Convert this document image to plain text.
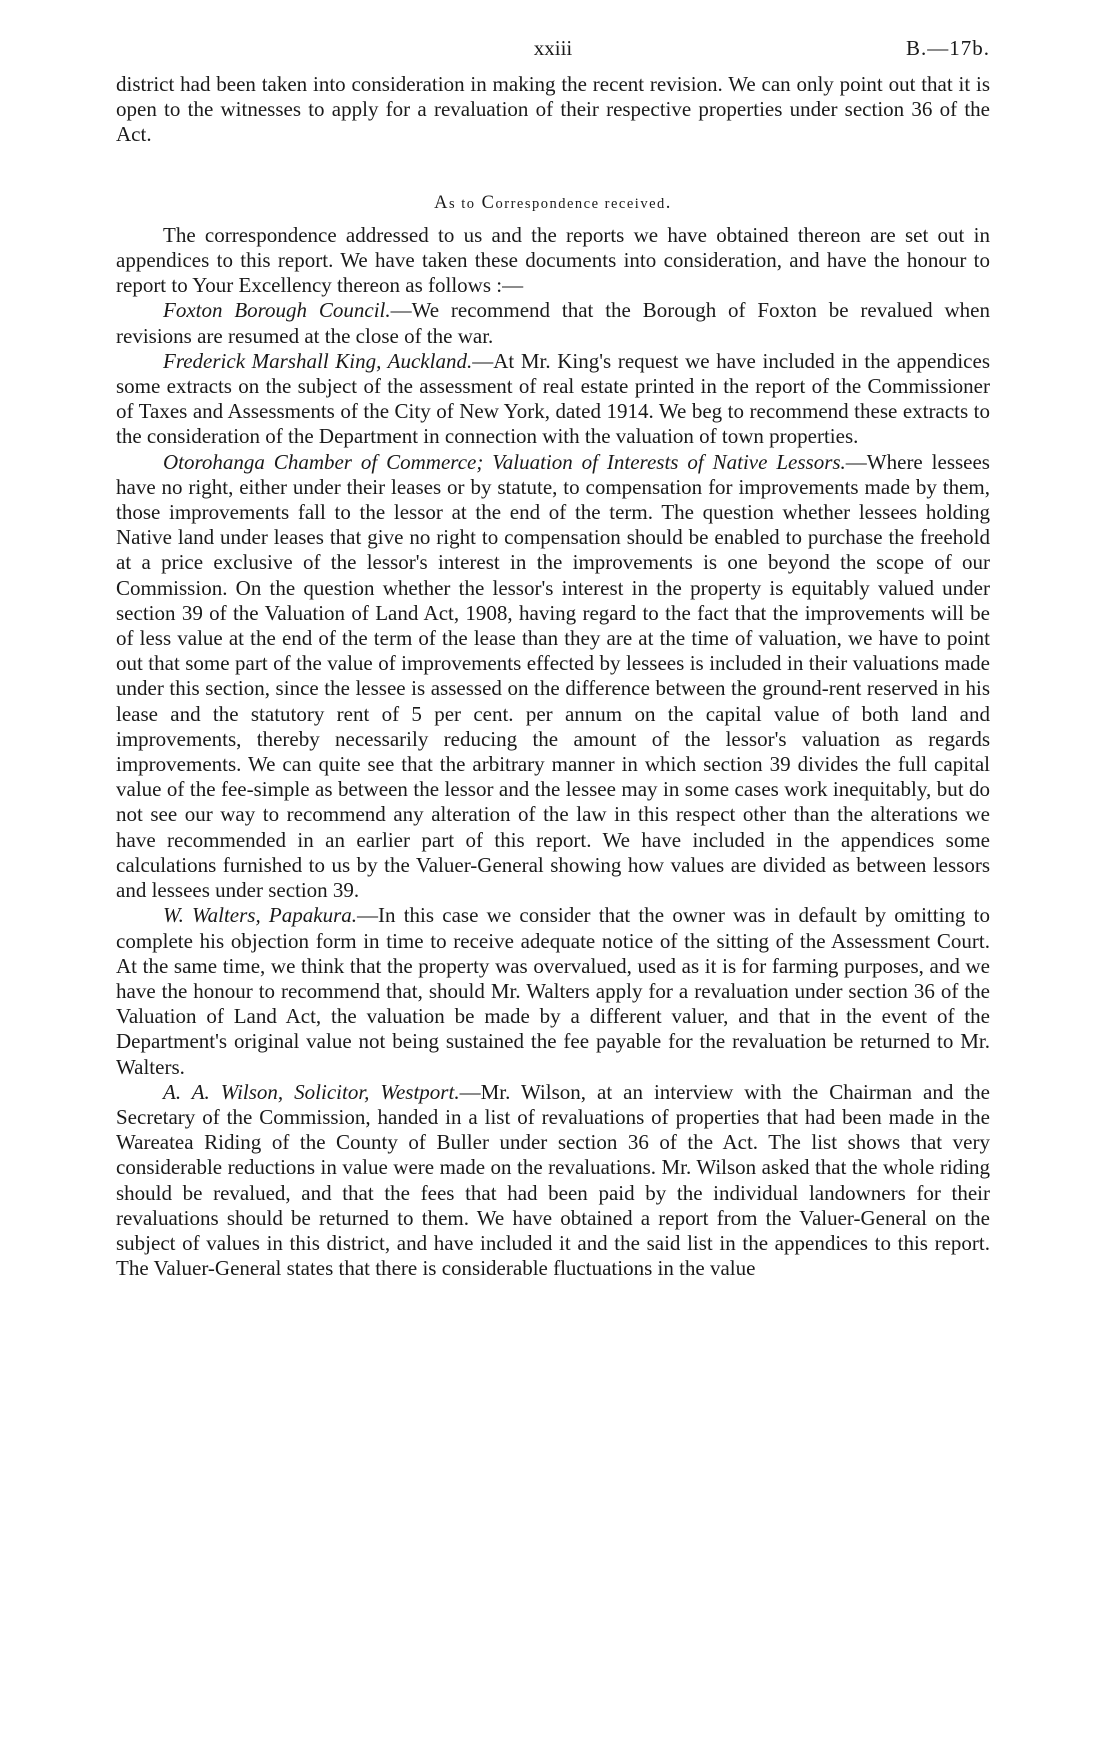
xxiii	B.—17b.

district had been taken into consideration in making the recent revision. We can only point out that it is open to the witnesses to apply for a revaluation of their respective properties under section 36 of the Act.

As to Correspondence received.

The correspondence addressed to us and the reports we have obtained thereon are set out in appendices to this report. We have taken these documents into consideration, and have the honour to report to Your Excellency thereon as follows :—

Foxton Borough Council.—We recommend that the Borough of Foxton be revalued when revisions are resumed at the close of the war.

Frederick Marshall King, Auckland.—At Mr. King's request we have included in the appendices some extracts on the subject of the assessment of real estate printed in the report of the Commissioner of Taxes and Assessments of the City of New York, dated 1914. We beg to recommend these extracts to the consideration of the Department in connection with the valuation of town properties.

Otorohanga Chamber of Commerce; Valuation of Interests of Native Lessors.—Where lessees have no right, either under their leases or by statute, to compensation for improvements made by them, those improvements fall to the lessor at the end of the term. The question whether lessees holding Native land under leases that give no right to compensation should be enabled to purchase the freehold at a price exclusive of the lessor's interest in the improvements is one beyond the scope of our Commission. On the question whether the lessor's interest in the property is equitably valued under section 39 of the Valuation of Land Act, 1908, having regard to the fact that the improvements will be of less value at the end of the term of the lease than they are at the time of valuation, we have to point out that some part of the value of improvements effected by lessees is included in their valuations made under this section, since the lessee is assessed on the difference between the ground-rent reserved in his lease and the statutory rent of 5 per cent. per annum on the capital value of both land and improvements, thereby necessarily reducing the amount of the lessor's valuation as regards improvements. We can quite see that the arbitrary manner in which section 39 divides the full capital value of the fee-simple as between the lessor and the lessee may in some cases work inequitably, but do not see our way to recommend any alteration of the law in this respect other than the alterations we have recommended in an earlier part of this report. We have included in the appendices some calculations furnished to us by the Valuer-General showing how values are divided as between lessors and lessees under section 39.

W. Walters, Papakura.—In this case we consider that the owner was in default by omitting to complete his objection form in time to receive adequate notice of the sitting of the Assessment Court. At the same time, we think that the property was overvalued, used as it is for farming purposes, and we have the honour to recommend that, should Mr. Walters apply for a revaluation under section 36 of the Valuation of Land Act, the valuation be made by a different valuer, and that in the event of the Department's original value not being sustained the fee payable for the revaluation be returned to Mr. Walters.

A. A. Wilson, Solicitor, Westport.—Mr. Wilson, at an interview with the Chairman and the Secretary of the Commission, handed in a list of revaluations of properties that had been made in the Wareatea Riding of the County of Buller under section 36 of the Act. The list shows that very considerable reductions in value were made on the revaluations. Mr. Wilson asked that the whole riding should be revalued, and that the fees that had been paid by the individual landowners for their revaluations should be returned to them. We have obtained a report from the Valuer-General on the subject of values in this district, and have included it and the said list in the appendices to this report. The Valuer-General states that there is considerable fluctuations in the value
